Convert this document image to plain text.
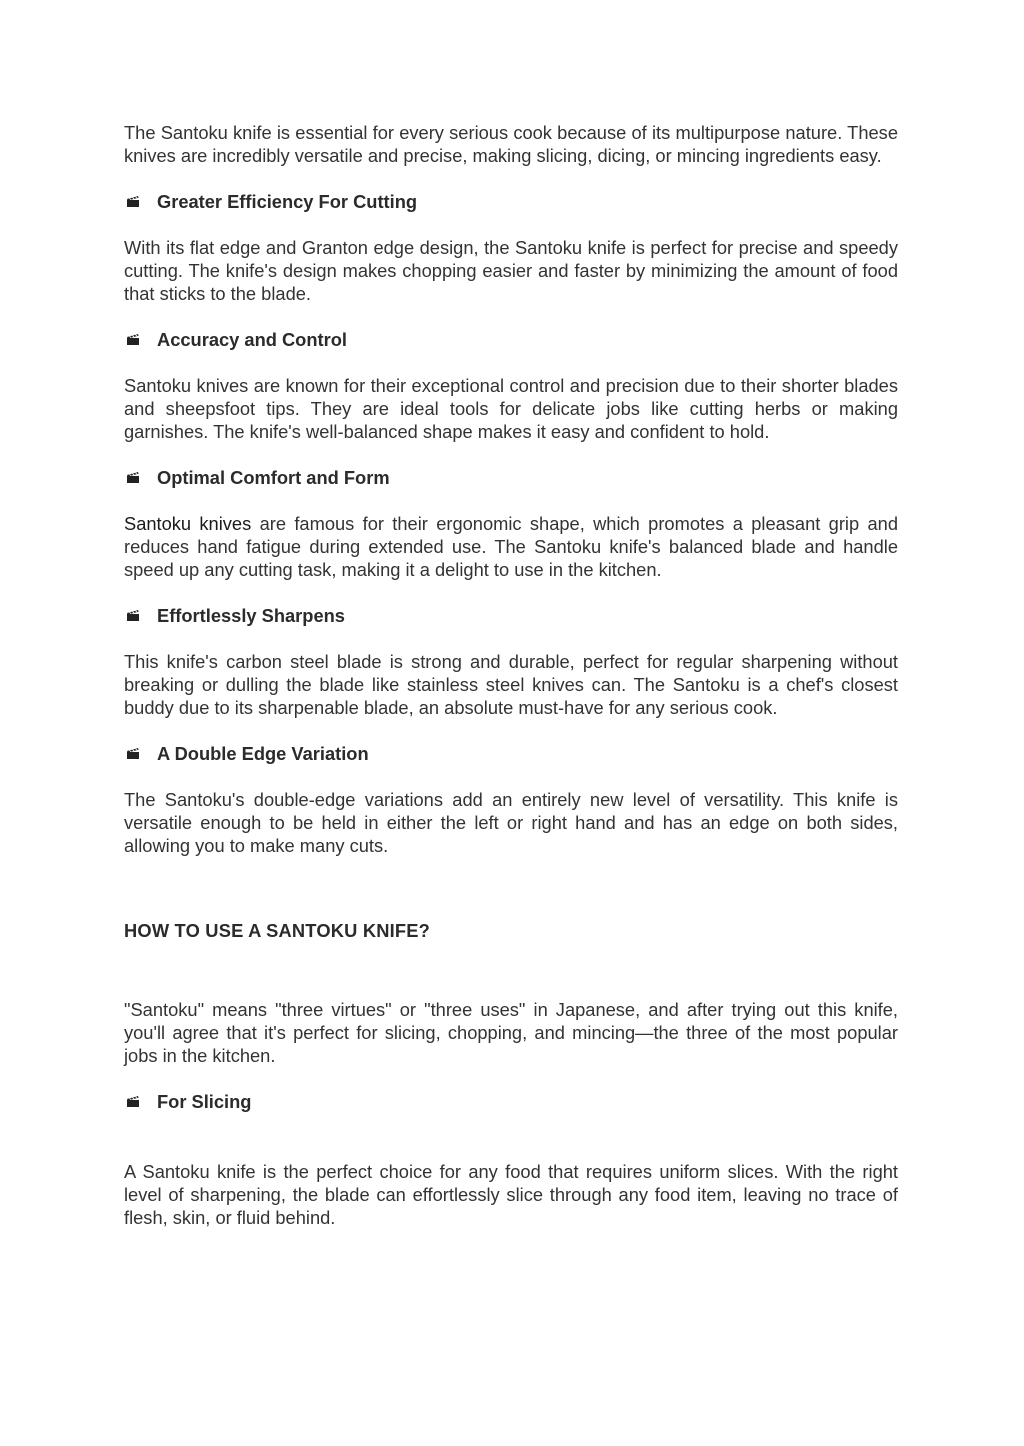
The Santoku knife is essential for every serious cook because of its multipurpose nature. These knives are incredibly versatile and precise, making slicing, dicing, or mincing ingredients easy.

Greater Efficiency For Cutting

With its flat edge and Granton edge design, the Santoku knife is perfect for precise and speedy cutting. The knife's design makes chopping easier and faster by minimizing the amount of food that sticks to the blade.

Accuracy and Control

Santoku knives are known for their exceptional control and precision due to their shorter blades and sheepsfoot tips. They are ideal tools for delicate jobs like cutting herbs or making garnishes. The knife's well-balanced shape makes it easy and confident to hold.

Optimal Comfort and Form

Santoku knives are famous for their ergonomic shape, which promotes a pleasant grip and reduces hand fatigue during extended use. The Santoku knife's balanced blade and handle speed up any cutting task, making it a delight to use in the kitchen.

Effortlessly Sharpens

This knife's carbon steel blade is strong and durable, perfect for regular sharpening without breaking or dulling the blade like stainless steel knives can. The Santoku is a chef's closest buddy due to its sharpenable blade, an absolute must-have for any serious cook.

A Double Edge Variation

The Santoku's double-edge variations add an entirely new level of versatility. This knife is versatile enough to be held in either the left or right hand and has an edge on both sides, allowing you to make many cuts.

HOW TO USE A SANTOKU KNIFE?

"Santoku" means "three virtues" or "three uses" in Japanese, and after trying out this knife, you'll agree that it's perfect for slicing, chopping, and mincing—the three of the most popular jobs in the kitchen.

For Slicing

A Santoku knife is the perfect choice for any food that requires uniform slices. With the right level of sharpening, the blade can effortlessly slice through any food item, leaving no trace of flesh, skin, or fluid behind.
